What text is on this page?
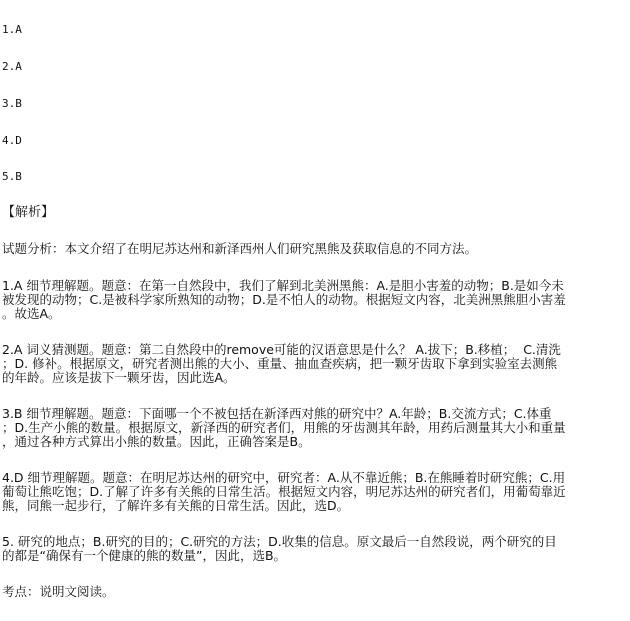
1.A
2.A
3.B
4.D
5.B
【解析】
试题分析：本文介绍了在明尼苏达州和新泽西州人们研究黑熊及获取信息的不同方法。
1.A 细节理解题。题意：在第一自然段中，我们了解到北美洲黑熊：A.是胆小害羞的动物；B.是如今未
被发现的动物；C.是被科学家所熟知的动物；D.是不怕人的动物。根据短文内容，北美洲黑熊胆小害羞
。故选A。
2.A 词义猜测题。题意：第二自然段中的remove可能的汉语意思是什么？ A.拔下；B.移植；  C.清洗
；D. 修补。根据原文，研究者测出熊的大小、重量、抽血查疾病，把一颗牙齿取下拿到实验室去测熊
的年龄。应该是拔下一颗牙齿，因此选A。
3.B 细节理解题。题意：下面哪一个不被包括在新泽西对熊的研究中？A.年龄；B.交流方式；C.体重
；D.生产小熊的数量。根据原文，新泽西的研究者们，用熊的牙齿测其年龄，用药后测量其大小和重量
，通过各种方式算出小熊的数量。因此，正确答案是B。
4.D 细节理解题。题意：在明尼苏达州的研究中，研究者：A.从不靠近熊；B.在熊睡着时研究熊；C.用
葡萄让熊吃饱；D.了解了许多有关熊的日常生活。根据短文内容，明尼苏达州的研究者们，用葡萄靠近
熊，同熊一起步行，了解许多有关熊的日常生活。因此，选D。
5. 研究的地点；B.研究的目的；C.研究的方法；D.收集的信息。原文最后一自然段说，两个研究的目
的都是“确保有一个健康的熊的数量”，因此，选B。
考点：说明文阅读。
